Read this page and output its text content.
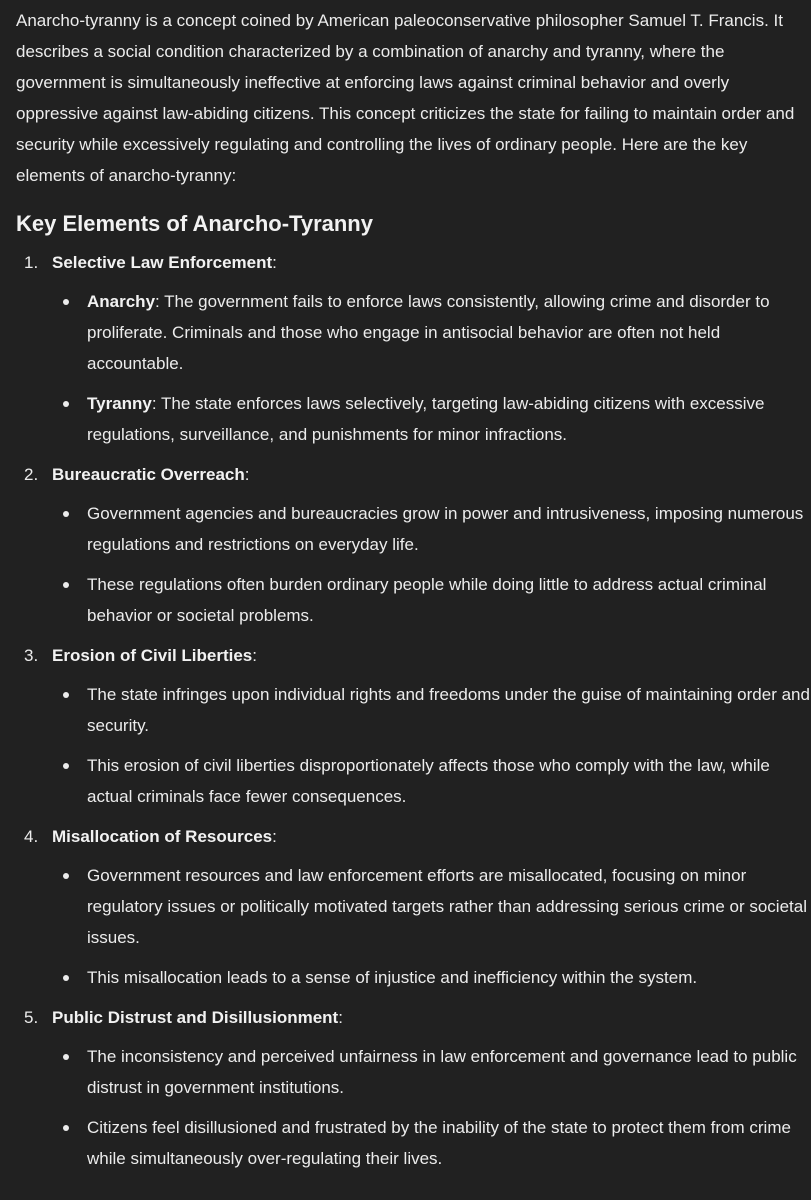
Anarcho-tyranny is a concept coined by American paleoconservative philosopher Samuel T. Francis. It describes a social condition characterized by a combination of anarchy and tyranny, where the government is simultaneously ineffective at enforcing laws against criminal behavior and overly oppressive against law-abiding citizens. This concept criticizes the state for failing to maintain order and security while excessively regulating and controlling the lives of ordinary people. Here are the key elements of anarcho-tyranny:

Key Elements of Anarcho-Tyranny
1. Selective Law Enforcement:
Anarchy: The government fails to enforce laws consistently, allowing crime and disorder to proliferate. Criminals and those who engage in antisocial behavior are often not held accountable.
Tyranny: The state enforces laws selectively, targeting law-abiding citizens with excessive regulations, surveillance, and punishments for minor infractions.
2. Bureaucratic Overreach:
Government agencies and bureaucracies grow in power and intrusiveness, imposing numerous regulations and restrictions on everyday life.
These regulations often burden ordinary people while doing little to address actual criminal behavior or societal problems.
3. Erosion of Civil Liberties:
The state infringes upon individual rights and freedoms under the guise of maintaining order and security.
This erosion of civil liberties disproportionately affects those who comply with the law, while actual criminals face fewer consequences.
4. Misallocation of Resources:
Government resources and law enforcement efforts are misallocated, focusing on minor regulatory issues or politically motivated targets rather than addressing serious crime or societal issues.
This misallocation leads to a sense of injustice and inefficiency within the system.
5. Public Distrust and Disillusionment:
The inconsistency and perceived unfairness in law enforcement and governance lead to public distrust in government institutions.
Citizens feel disillusioned and frustrated by the inability of the state to protect them from crime while simultaneously over-regulating their lives.
